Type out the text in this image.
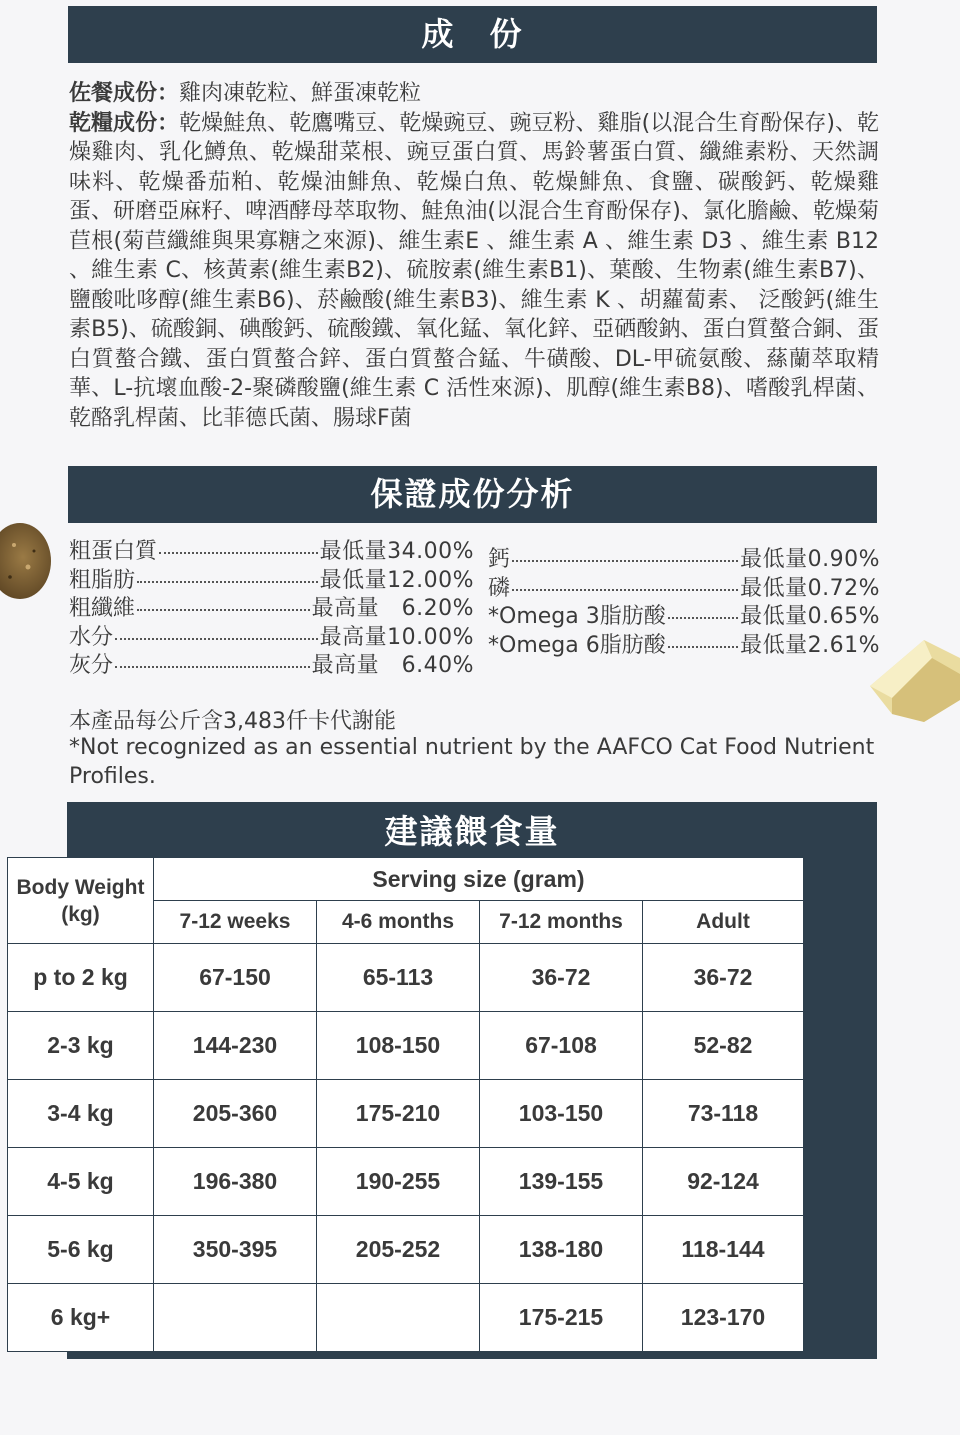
成　份
佐餐成份：雞肉凍乾粒、鮮蛋凍乾粒
乾糧成份：乾燥鮭魚、乾鷹嘴豆、乾燥豌豆、豌豆粉、雞脂(以混合生育酚保存)、乾燥雞肉、乳化鱒魚、乾燥甜菜根、豌豆蛋白質、馬鈴薯蛋白質、纖維素粉、天然調味料、乾燥番茄粕、乾燥油鯡魚、乾燥白魚、乾燥鯡魚、食鹽、碳酸鈣、乾燥雞蛋、研磨亞麻籽、啤酒酵母萃取物、鮭魚油(以混合生育酚保存)、氯化膽鹼、乾燥菊苣根(菊苣纖維與果寡糖之來源)、維生素E 、維生素 A 、維生素 D3 、維生素 B12 、維生素 C、核黃素(維生素B2)、硫胺素(維生素B1)、葉酸、生物素(維生素B7)、鹽酸吡哆醇(維生素B6)、菸鹼酸(維生素B3)、維生素 K 、胡蘿蔔素、 泛酸鈣(維生素B5)、硫酸銅、碘酸鈣、硫酸鐵、氧化錳、氧化鋅、亞硒酸鈉、蛋白質螯合銅、蛋白質螯合鐵、蛋白質螯合鋅、蛋白質螯合錳、牛磺酸、DL-甲硫氨酸、蕬蘭萃取精華、L-抗壞血酸-2-聚磷酸鹽(維生素 C 活性來源)、肌醇(維生素B8)、嗜酸乳桿菌、乾酪乳桿菌、比菲德氏菌、腸球F菌
保證成份分析
粗蛋白質	最低量34.00%
粗脂肪	最低量12.00%
粗纖維	最高量　6.20%
水分	最高量10.00%
灰分	最高量　6.40%
鈣	最低量0.90%
磷	最低量0.72%
*Omega 3脂肪酸	最低量0.65%
*Omega 6脂肪酸	最低量2.61%
本產品每公斤含3,483仟卡代謝能
*Not recognized as an essential nutrient by the AAFCO Cat Food Nutrient Profiles.
建議餵食量
Body Weight (kg)	Serving size (gram)			
	7-12 weeks	4-6 months	7-12 months	Adult
p to 2 kg	67-150	65-113	36-72	36-72
2-3 kg	144-230	108-150	67-108	52-82
3-4 kg	205-360	175-210	103-150	73-118
4-5 kg	196-380	190-255	139-155	92-124
5-6 kg	350-395	205-252	138-180	118-144
6 kg+			175-215	123-170
